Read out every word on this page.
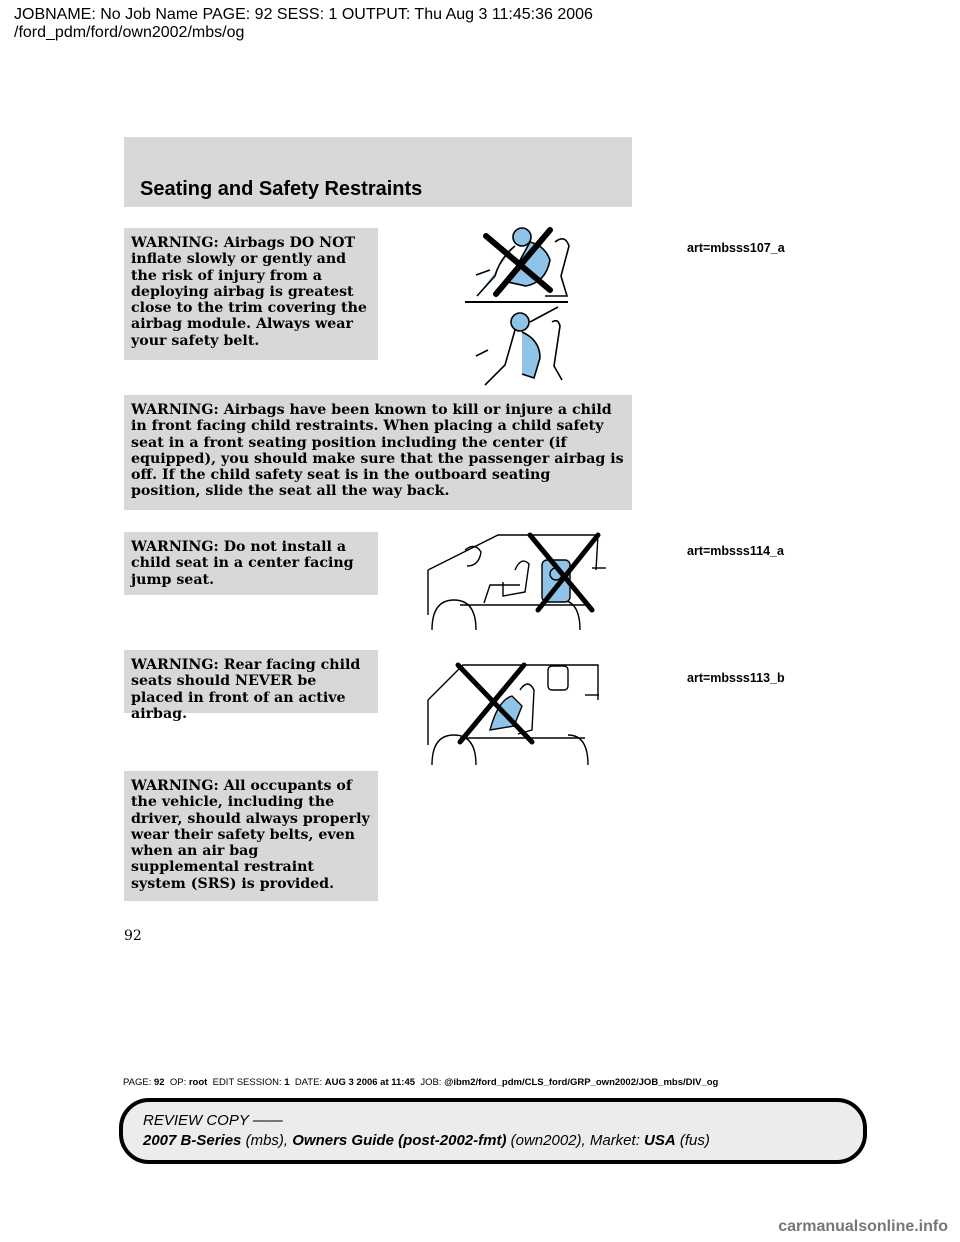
JOBNAME: No Job Name PAGE: 92 SESS: 1 OUTPUT: Thu Aug 3 11:45:36 2006
/ford_pdm/ford/own2002/mbs/og
Seating and Safety Restraints
WARNING: Airbags DO NOT inflate slowly or gently and the risk of injury from a deploying airbag is greatest close to the trim covering the airbag module. Always wear your safety belt.
WARNING: Airbags have been known to kill or injure a child in front facing child restraints. When placing a child safety seat in a front seating position including the center (if equipped), you should make sure that the passenger airbag is off. If the child safety seat is in the outboard seating position, slide the seat all the way back.
WARNING: Do not install a child seat in a center facing jump seat.
WARNING: Rear facing child seats should NEVER be placed in front of an active airbag.
WARNING: All occupants of the vehicle, including the driver, should always properly wear their safety belts, even when an air bag supplemental restraint system (SRS) is provided.
art=mbsss107_a
art=mbsss114_a
art=mbsss113_b
92
PAGE: 92 OP: root EDIT SESSION: 1 DATE: AUG 3 2006 at 11:45 JOB: @ibm2/ford_pdm/CLS_ford/GRP_own2002/JOB_mbs/DIV_og
REVIEW COPY ——
2007 B-Series (mbs), Owners Guide (post-2002-fmt) (own2002), Market: USA (fus)
carmanualsonline.info
